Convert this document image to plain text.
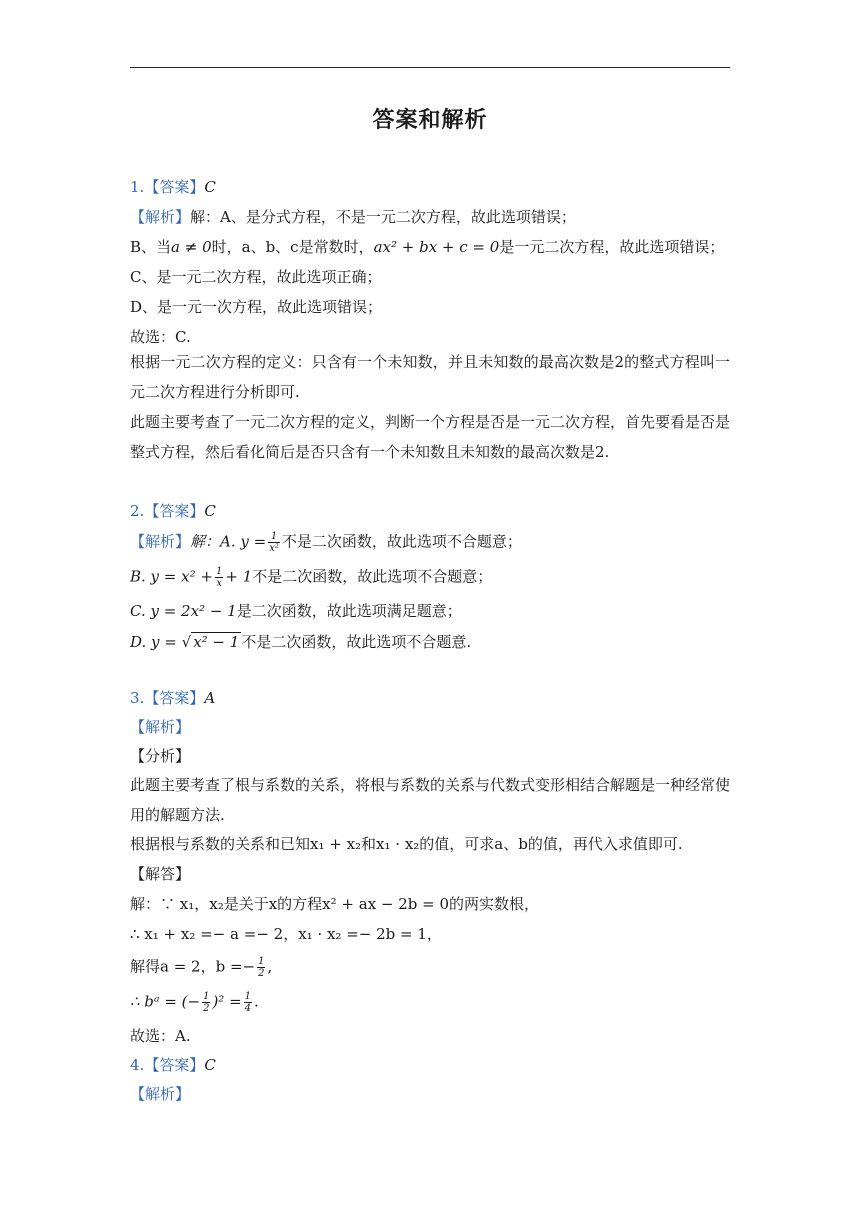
答案和解析
1.【答案】C
【解析】解：A、是分式方程，不是一元二次方程，故此选项错误；
B、当a ≠ 0时，a、b、c是常数时，ax² + bx + c = 0是一元二次方程，故此选项错误；
C、是一元二次方程，故此选项正确；
D、是一元一次方程，故此选项错误；
故选：C.
根据一元二次方程的定义：只含有一个未知数，并且未知数的最高次数是2的整式方程叫一元二次方程进行分析即可.
此题主要考查了一元二次方程的定义，判断一个方程是否是一元二次方程，首先要看是否是整式方程，然后看化简后是否只含有一个未知数且未知数的最高次数是2.
2.【答案】C
【解析】解：A. $y = \frac{1}{\text{x²}}$ 不是二次函数，故此选项不合题意；
B. $y = x^2 + \frac{1}{x} + 1$不是二次函数，故此选项不合题意；
C. y = 2x² − 1是二次函数，故此选项满足题意；
D. y = √ x² − 1 不是二次函数，故此选项不合题意.
3.【答案】A
【解析】
【分析】
此题主要考查了根与系数的关系，将根与系数的关系与代数式变形相结合解题是一种经常使用的解题方法.
根据根与系数的关系和已知x₁ + x₂和x₁ · x₂的值，可求a、b的值，再代入求值即可.
【解答】
解：∵ x₁，x₂是关于x的方程x² + ax − 2b = 0的两实数根，
∴ x₁ + x₂ =− a =− 2，x₁ · x₂ =− 2b = 1，
解得a = 2，$b =- \frac{1}{2}$ ,
∴ bᵃ = (− $\frac{1}{2} )^2 = \frac{1}{4}$ .
故选：A.
4.【答案】C
【解析】
